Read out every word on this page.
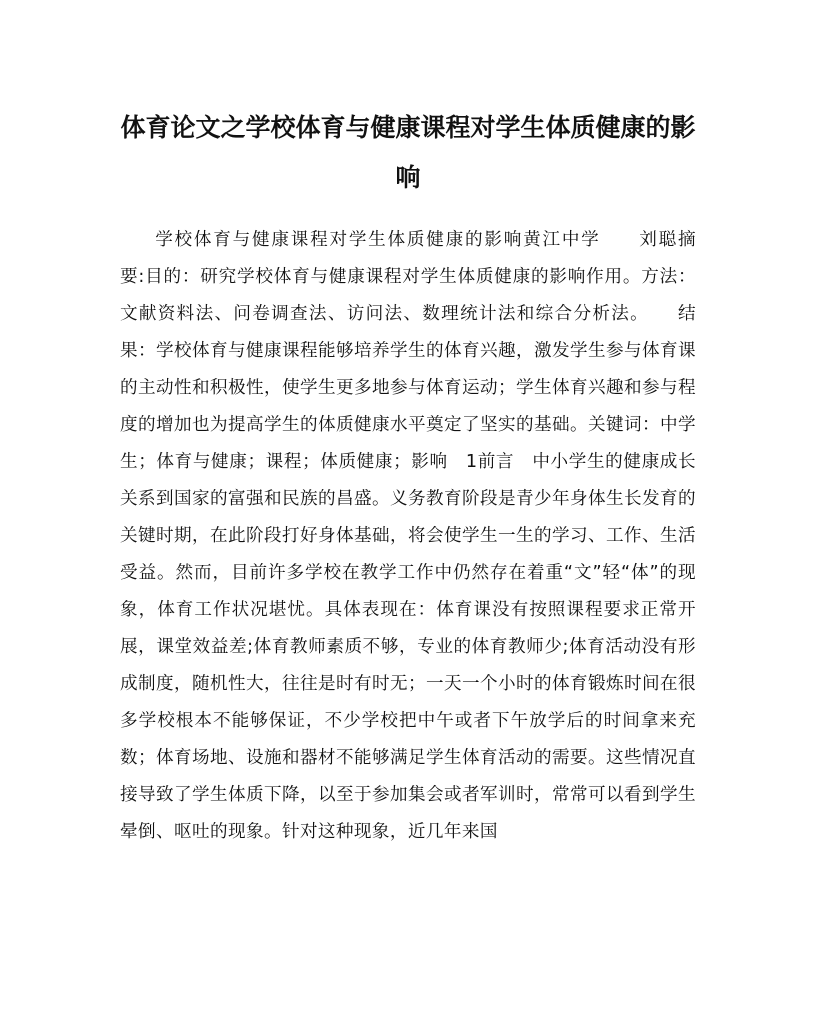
体育论文之学校体育与健康课程对学生体质健康的影响

学校体育与健康课程对学生体质健康的影响黄江中学　　刘聪摘　要:目的：研究学校体育与健康课程对学生体质健康的影响作用。方法：文献资料法、问卷调查法、访问法、数理统计法和综合分析法。　　结果：学校体育与健康课程能够培养学生的体育兴趣，激发学生参与体育课的主动性和积极性，使学生更多地参与体育运动；学生体育兴趣和参与程度的增加也为提高学生的体质健康水平奠定了坚实的基础。关键词：中学生；体育与健康；课程；体质健康；影响　1前言　中小学生的健康成长关系到国家的富强和民族的昌盛。义务教育阶段是青少年身体生长发育的关键时期，在此阶段打好身体基础，将会使学生一生的学习、工作、生活受益。然而，目前许多学校在教学工作中仍然存在着重“文”轻“体”的现象，体育工作状况堪忧。具体表现在：体育课没有按照课程要求正常开展，课堂效益差;体育教师素质不够，专业的体育教师少;体育活动没有形成制度，随机性大，往往是时有时无；一天一个小时的体育锻炼时间在很多学校根本不能够保证，不少学校把中午或者下午放学后的时间拿来充数；体育场地、设施和器材不能够满足学生体育活动的需要。这些情况直接导致了学生体质下降，以至于参加集会或者军训时，常常可以看到学生晕倒、呕吐的现象。针对这种现象，近几年来国
